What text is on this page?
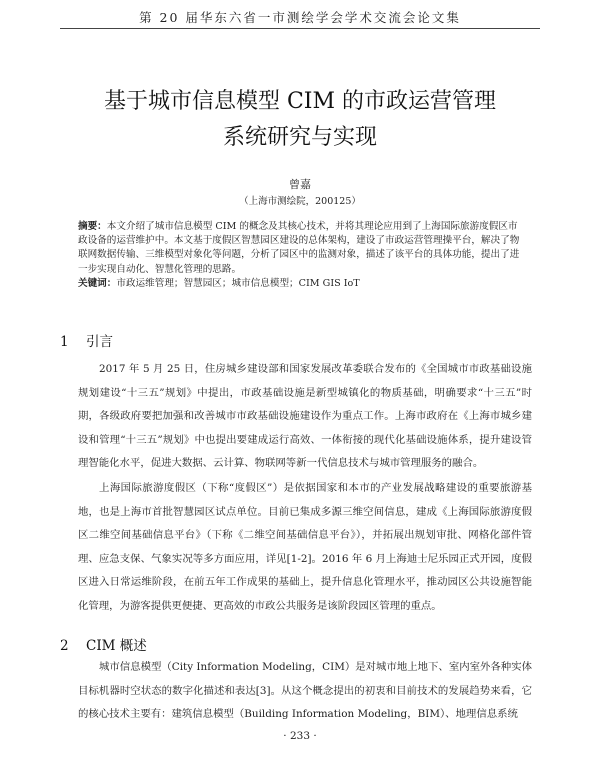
第 20 届华东六省一市测绘学会学术交流会论文集
基于城市信息模型 CIM 的市政运营管理
系统研究与实现
曾嘉
（上海市测绘院，200125）
摘要：本文介绍了城市信息模型 CIM 的概念及其核心技术，并将其理论应用到了上海国际旅游度假区市政设备的运营维护中。本文基于度假区智慧园区建设的总体架构，建设了市政运营管理操平台，解决了物联网数据传输、三维模型对象化等问题，分析了园区中的监测对象，描述了该平台的具体功能，提出了进一步实现自动化、智慧化管理的思路。
关键词：市政运维管理；智慧园区；城市信息模型；CIM GIS IoT
1 引言

2017 年 5 月 25 日，住房城乡建设部和国家发展改革委联合发布的《全国城市市政基础设施规划建设“十三五”规划》中提出，市政基础设施是新型城镇化的物质基础，明确要求“十三五”时期，各级政府要把加强和改善城市市政基础设施建设作为重点工作。上海市政府在《上海市城乡建设和管理“十三五”规划》中也提出要建成运行高效、一体衔接的现代化基础设施体系，提升建设管理智能化水平，促进大数据、云计算、物联网等新一代信息技术与城市管理服务的融合。

上海国际旅游度假区（下称“度假区”）是依据国家和本市的产业发展战略建设的重要旅游基地，也是上海市首批智慧园区试点单位。目前已集成多源三维空间信息，建成《上海国际旅游度假区二维空间基础信息平台》（下称《二维空间基础信息平台》），并拓展出规划审批、网格化部件管理、应急支保、气象实况等多方面应用，详见[1-2]。2016 年 6 月上海迪士尼乐园正式开园，度假区进入日常运维阶段，在前五年工作成果的基础上，提升信息化管理水平，推动园区公共设施智能化管理，为游客提供更便捷、更高效的市政公共服务是该阶段园区管理的重点。

2 CIM 概述

城市信息模型（City Information Modeling，CIM）是对城市地上地下、室内室外各种实体目标机器时空状态的数字化描述和表达[3]。从这个概念提出的初衷和目前技术的发展趋势来看，它的核心技术主要有：建筑信息模型（Building Information Modeling，BIM）、地理信息系统

· 233 ·
